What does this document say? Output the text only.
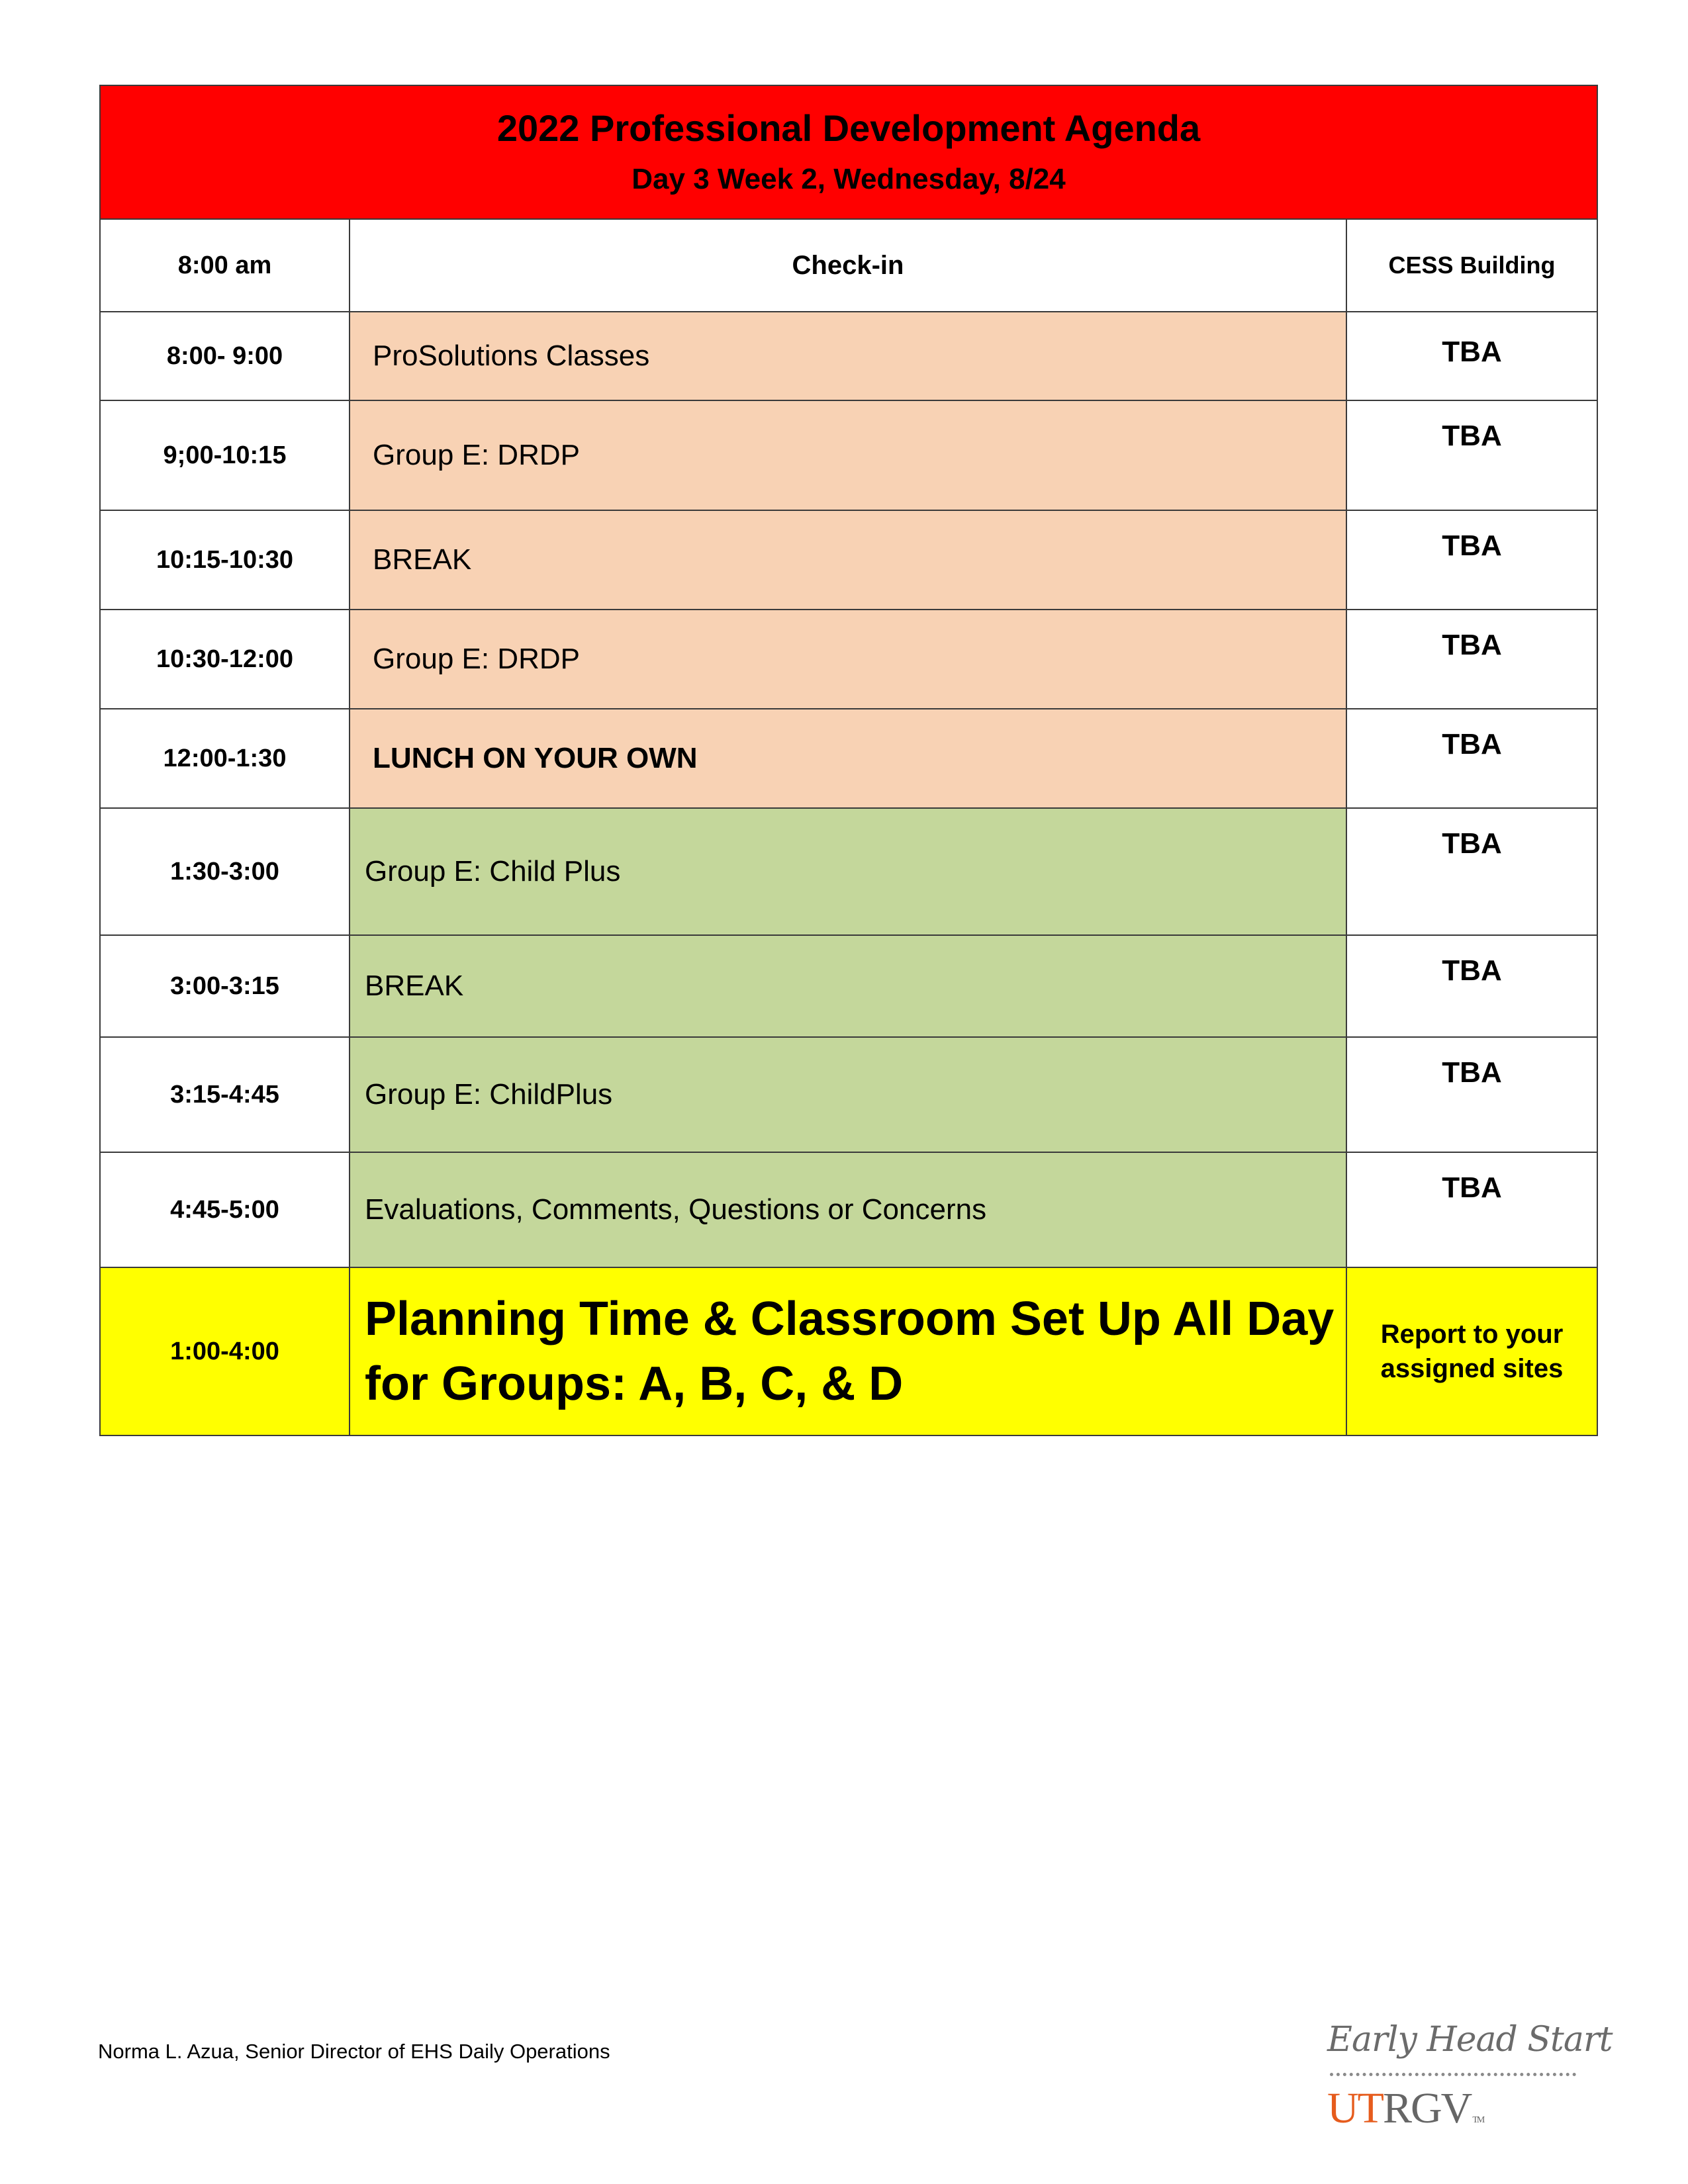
2022 Professional Development Agenda
Day 3 Week 2, Wednesday, 8/24		

8:00 am	Check-in	CESS Building
8:00- 9:00	ProSolutions Classes	TBA
9;00-10:15	Group E: DRDP	TBA

10:15-10:30	BREAK	TBA

10:30-12:00	Group E: DRDP	TBA

12:00-1:30	LUNCH ON YOUR OWN	TBA

1:30-3:00	Group E: Child Plus	TBA

3:00-3:15	BREAK	TBA

3:15-4:45	Group E: ChildPlus	TBA

4:45-5:00	Evaluations, Comments, Questions or Concerns	TBA

1:00-4:00	Planning Time & Classroom Set Up All Day for Groups: A, B, C, & D	Report to your assigned sites
Norma L. Azua, Senior Director of EHS Daily Operations	Early Head Start
UTRGV TM
